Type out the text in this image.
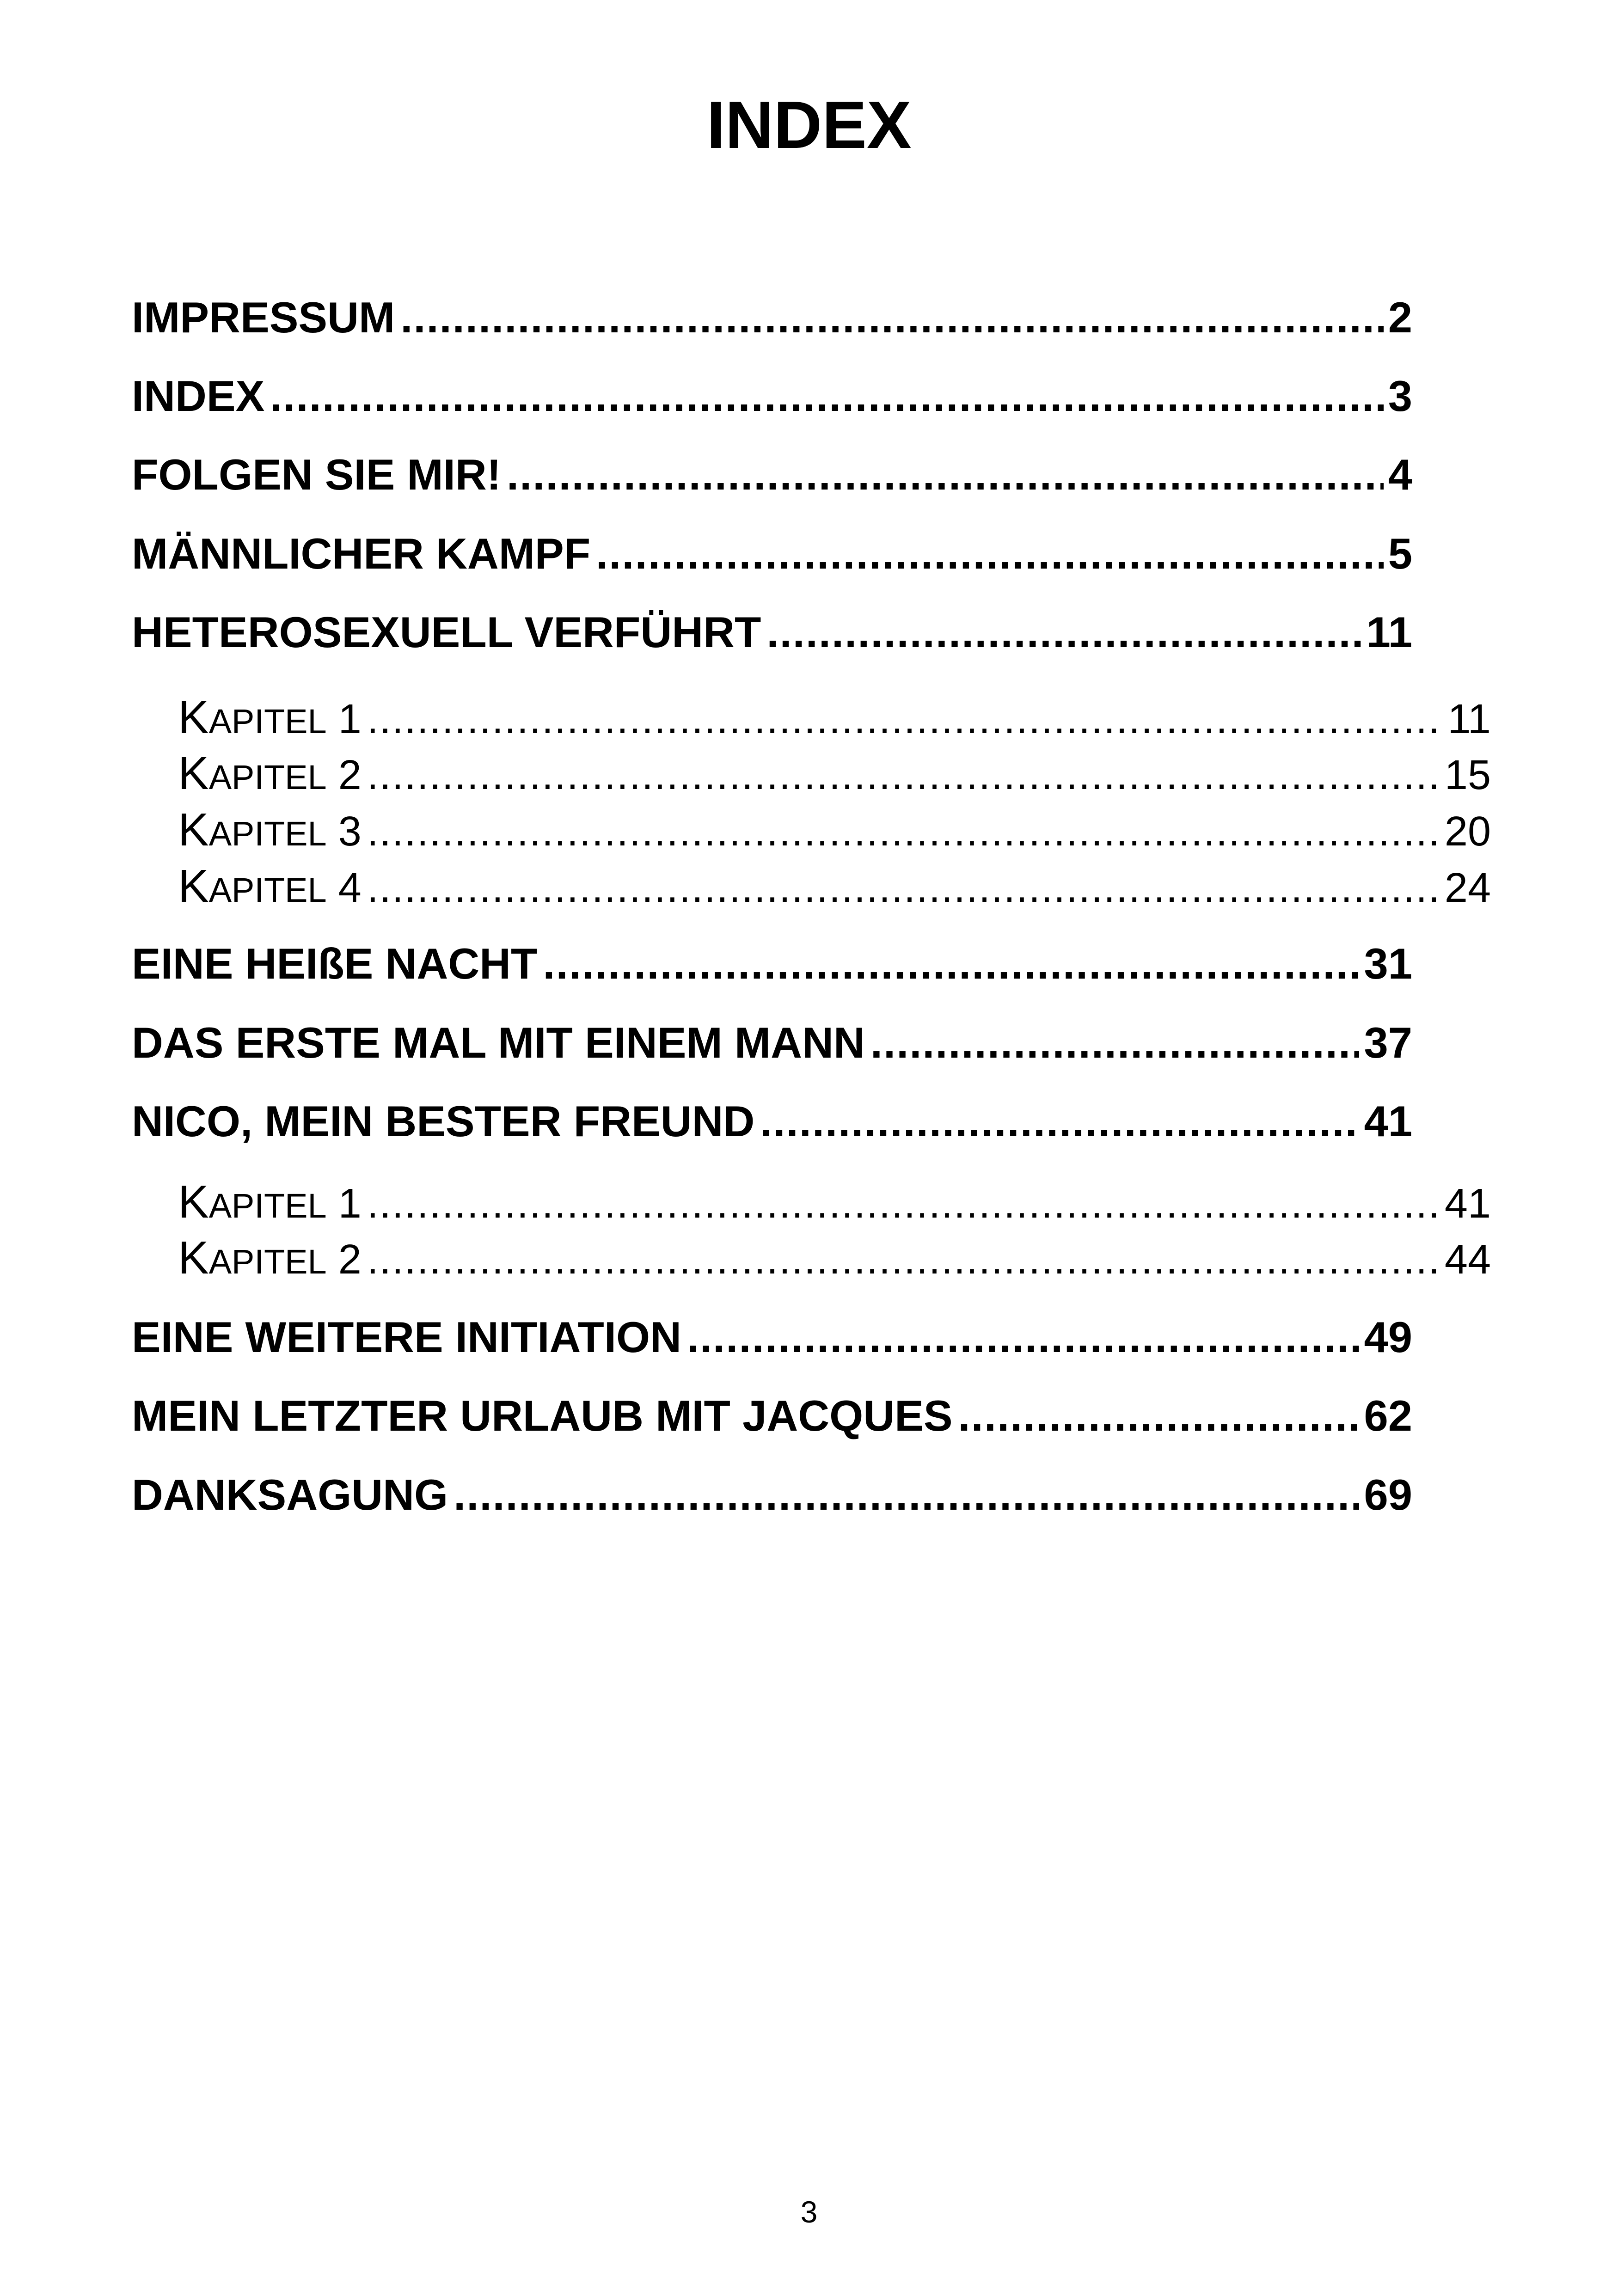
INDEX
IMPRESSUM .....	2
INDEX .....	3
FOLGEN SIE MIR! .....	4
MÄNNLICHER KAMPF .....	5
HETEROSEXUELL VERFÜHRT .....	11
KAPITEL 1 .....	11
KAPITEL 2 .....	15
KAPITEL 3 .....	20
KAPITEL 4 .....	24
EINE HEIßE NACHT .....	31
DAS ERSTE MAL MIT EINEM MANN .....	37
NICO, MEIN BESTER FREUND .....	41
KAPITEL 1 .....	41
KAPITEL 2 .....	44
EINE WEITERE INITIATION .....	49
MEIN LETZTER URLAUB MIT JACQUES .....	62
DANKSAGUNG .....	69
3
